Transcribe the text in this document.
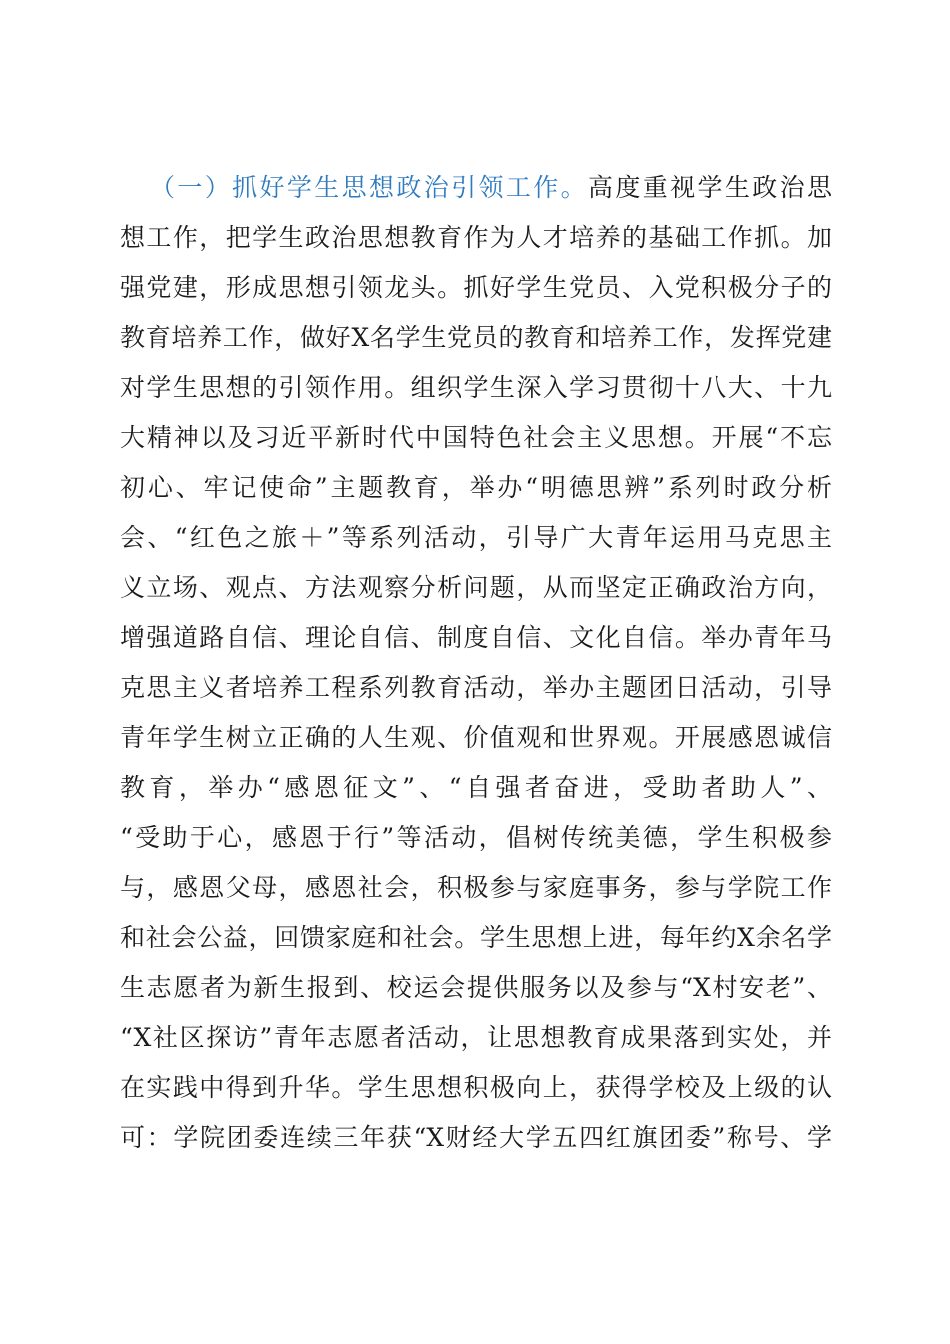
（一）抓好学生思想政治引领工作。高度重视学生政治思
想工作，把学生政治思想教育作为人才培养的基础工作抓。加
强党建，形成思想引领龙头。抓好学生党员、入党积极分子的
教育培养工作，做好X名学生党员的教育和培养工作，发挥党建
对学生思想的引领作用。组织学生深入学习贯彻十八大、十九
大精神以及习近平新时代中国特色社会主义思想。开展“不忘
初心、牢记使命”主题教育，举办“明德思辨”系列时政分析
会、“红色之旅＋”等系列活动，引导广大青年运用马克思主
义立场、观点、方法观察分析问题，从而坚定正确政治方向，
增强道路自信、理论自信、制度自信、文化自信。举办青年马
克思主义者培养工程系列教育活动，举办主题团日活动，引导
青年学生树立正确的人生观、价值观和世界观。开展感恩诚信
教育，举办“感恩征文”、“自强者奋进，受助者助人”、
“受助于心，感恩于行”等活动，倡树传统美德，学生积极参
与，感恩父母，感恩社会，积极参与家庭事务，参与学院工作
和社会公益，回馈家庭和社会。学生思想上进，每年约X余名学
生志愿者为新生报到、校运会提供服务以及参与“X村安老”、
“X社区探访”青年志愿者活动，让思想教育成果落到实处，并
在实践中得到升华。学生思想积极向上，获得学校及上级的认
可：学院团委连续三年获“X财经大学五四红旗团委”称号、学
